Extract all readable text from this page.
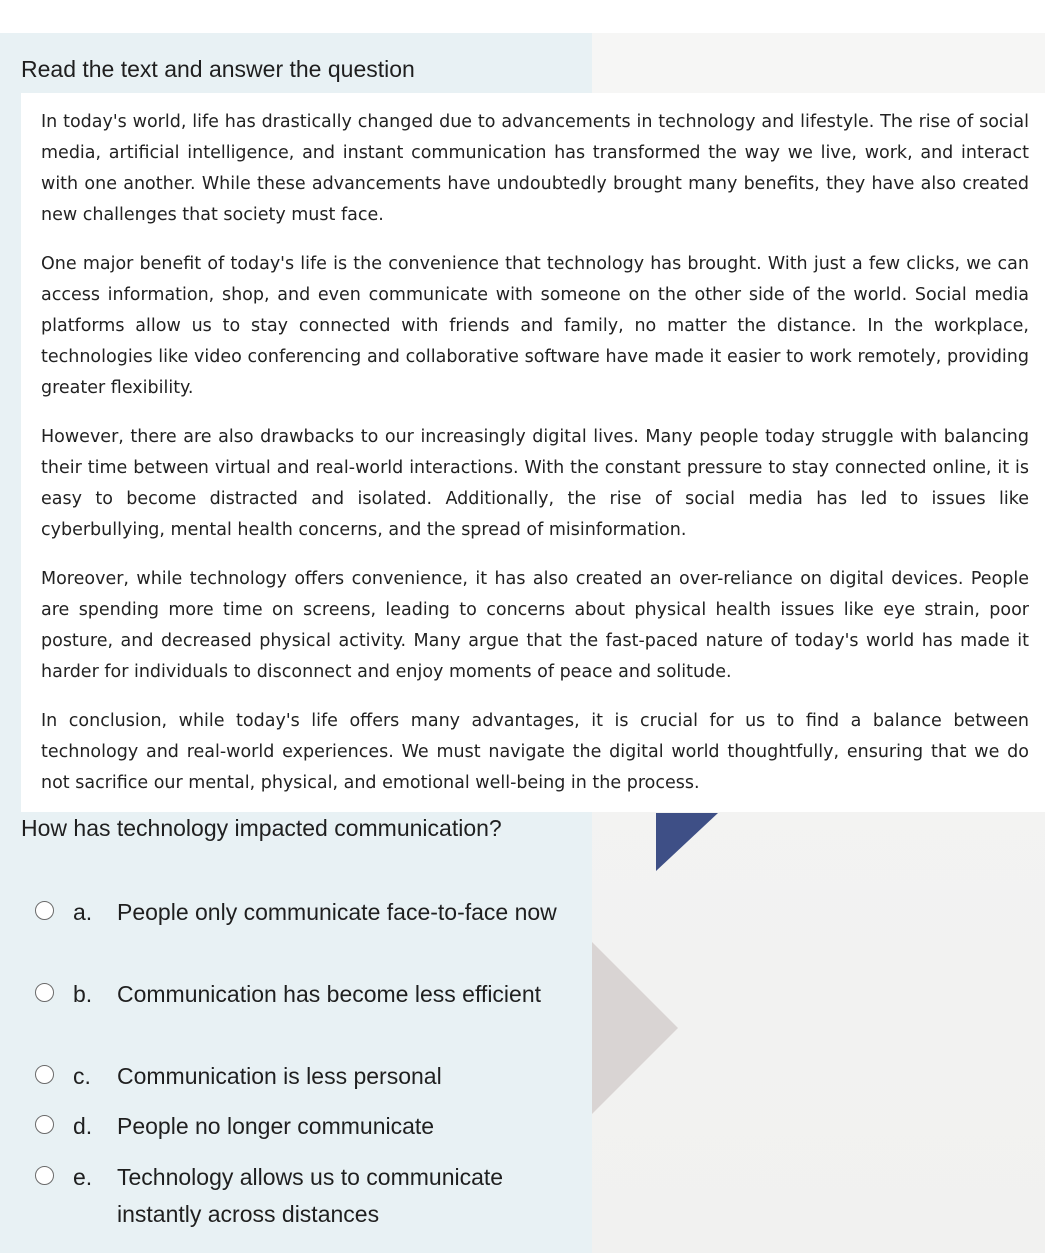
Read the text and answer the question

In today's world, life has drastically changed due to advancements in technology and lifestyle. The rise of social media, artificial intelligence, and instant communication has transformed the way we live, work, and interact with one another. While these advancements have undoubtedly brought many benefits, they have also created new challenges that society must face.

One major benefit of today's life is the convenience that technology has brought. With just a few clicks, we can access information, shop, and even communicate with someone on the other side of the world. Social media platforms allow us to stay connected with friends and family, no matter the distance. In the workplace, technologies like video conferencing and collaborative software have made it easier to work remotely, providing greater flexibility.

However, there are also drawbacks to our increasingly digital lives. Many people today struggle with balancing their time between virtual and real-world interactions. With the constant pressure to stay connected online, it is easy to become distracted and isolated. Additionally, the rise of social media has led to issues like cyberbullying, mental health concerns, and the spread of misinformation.

Moreover, while technology offers convenience, it has also created an over-reliance on digital devices. People are spending more time on screens, leading to concerns about physical health issues like eye strain, poor posture, and decreased physical activity. Many argue that the fast-paced nature of today's world has made it harder for individuals to disconnect and enjoy moments of peace and solitude.

In conclusion, while today's life offers many advantages, it is crucial for us to find a balance between technology and real-world experiences. We must navigate the digital world thoughtfully, ensuring that we do not sacrifice our mental, physical, and emotional well-being in the process.

How has technology impacted communication?
a. People only communicate face-to-face now
b. Communication has become less efficient
c. Communication is less personal
d. People no longer communicate
e. Technology allows us to communicate instantly across distances
